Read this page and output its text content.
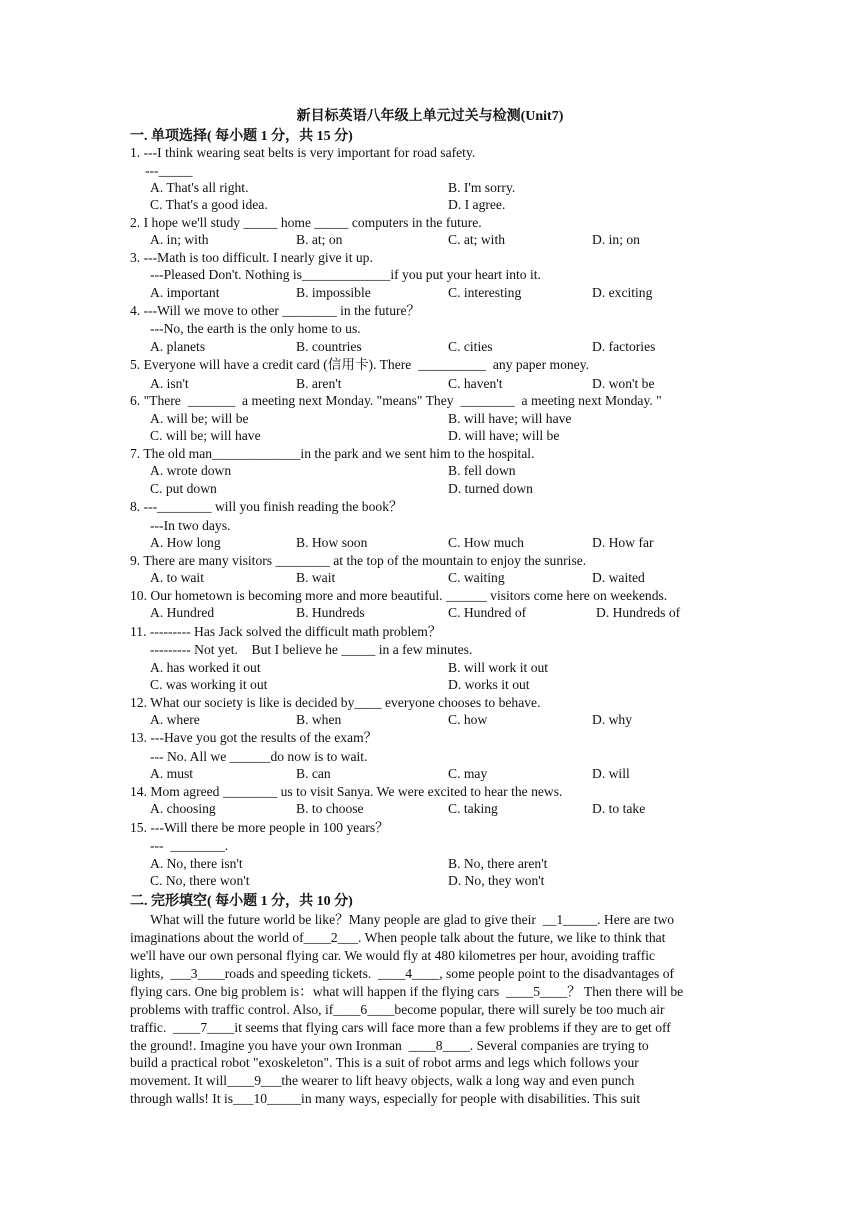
新目标英语八年级上单元过关与检测(Unit7)
一. 单项选择( 每小题 1 分，共 15 分)
1. ---I think wearing seat belts is very important for road safety.
---_____
A. That's all right.	B. I'm sorry.
C. That's a good idea.	D. I agree.
2. I hope we'll study _____ home _____ computers in the future.
A. in; with	B. at; on	C. at; with	D. in; on
3. ---Math is too difficult. I nearly give it up.
---Pleased Don't. Nothing is_____________if you put your heart into it.
A. important	B. impossible	C. interesting	D. exciting
4. ---Will we move to other ________ in the future？
---No, the earth is the only home to us.
A. planets	B. countries	C. cities	D. factories
5. Everyone will have a credit card (信用卡). There  __________  any paper money.
A. isn't	B. aren't	C. haven't	D. won't be
6. "There  _______  a meeting next Monday. "means" They  ________  a meeting next Monday. "
A. will be; will be	B. will have; will have
C. will be; will have	D. will have; will be
7. The old man_____________in the park and we sent him to the hospital.
A. wrote down	B. fell down
C. put down	D. turned down
8. ---________ will you finish reading the book？
---In two days.
A. How long	B. How soon	C. How much	D. How far
9. There are many visitors ________ at the top of the mountain to enjoy the sunrise.
A. to wait	B. wait	C. waiting	D. waited
10. Our hometown is becoming more and more beautiful. ______ visitors come here on weekends.
A. Hundred	B. Hundreds	C. Hundred of	D. Hundreds of
11. --------- Has Jack solved the difficult math problem？
--------- Not yet.    But I believe he _____ in a few minutes.
A. has worked it out	B. will work it out
C. was working it out	D. works it out
12. What our society is like is decided by____ everyone chooses to behave.
A. where	B. when	C. how	D. why
13. ---Have you got the results of the exam？
--- No. All we ______do now is to wait.
A. must	B. can	C. may	D. will
14. Mom agreed ________ us to visit Sanya. We were excited to hear the news.
A. choosing	B. to choose	C. taking	D. to take
15. ---Will there be more people in 100 years？
---  ________.
A. No, there isn't	B. No, there aren't
C. No, there won't	D. No, they won't
二. 完形填空( 每小题 1 分，共 10 分)
What will the future world be like？Many people are glad to give their  __1_____. Here are two
imaginations about the world of____2___. When people talk about the future, we like to think that
we'll have our own personal flying car. We would fly at 480 kilometres per hour, avoiding traffic
lights,  ___3____roads and speeding tickets.  ____4____, some people point to the disadvantages of
flying cars. One big problem is：what will happen if the flying cars  ____5____？ Then there will be
problems with traffic control. Also, if____6____become popular, there will surely be too much air
traffic.  ____7____it seems that flying cars will face more than a few problems if they are to get off
the ground!. Imagine you have your own Ironman  ____8____. Several companies are trying to
build a practical robot "exoskeleton". This is a suit of robot arms and legs which follows your
movement. It will____9___the wearer to lift heavy objects, walk a long way and even punch
through walls! It is___10_____in many ways, especially for people with disabilities. This suit
